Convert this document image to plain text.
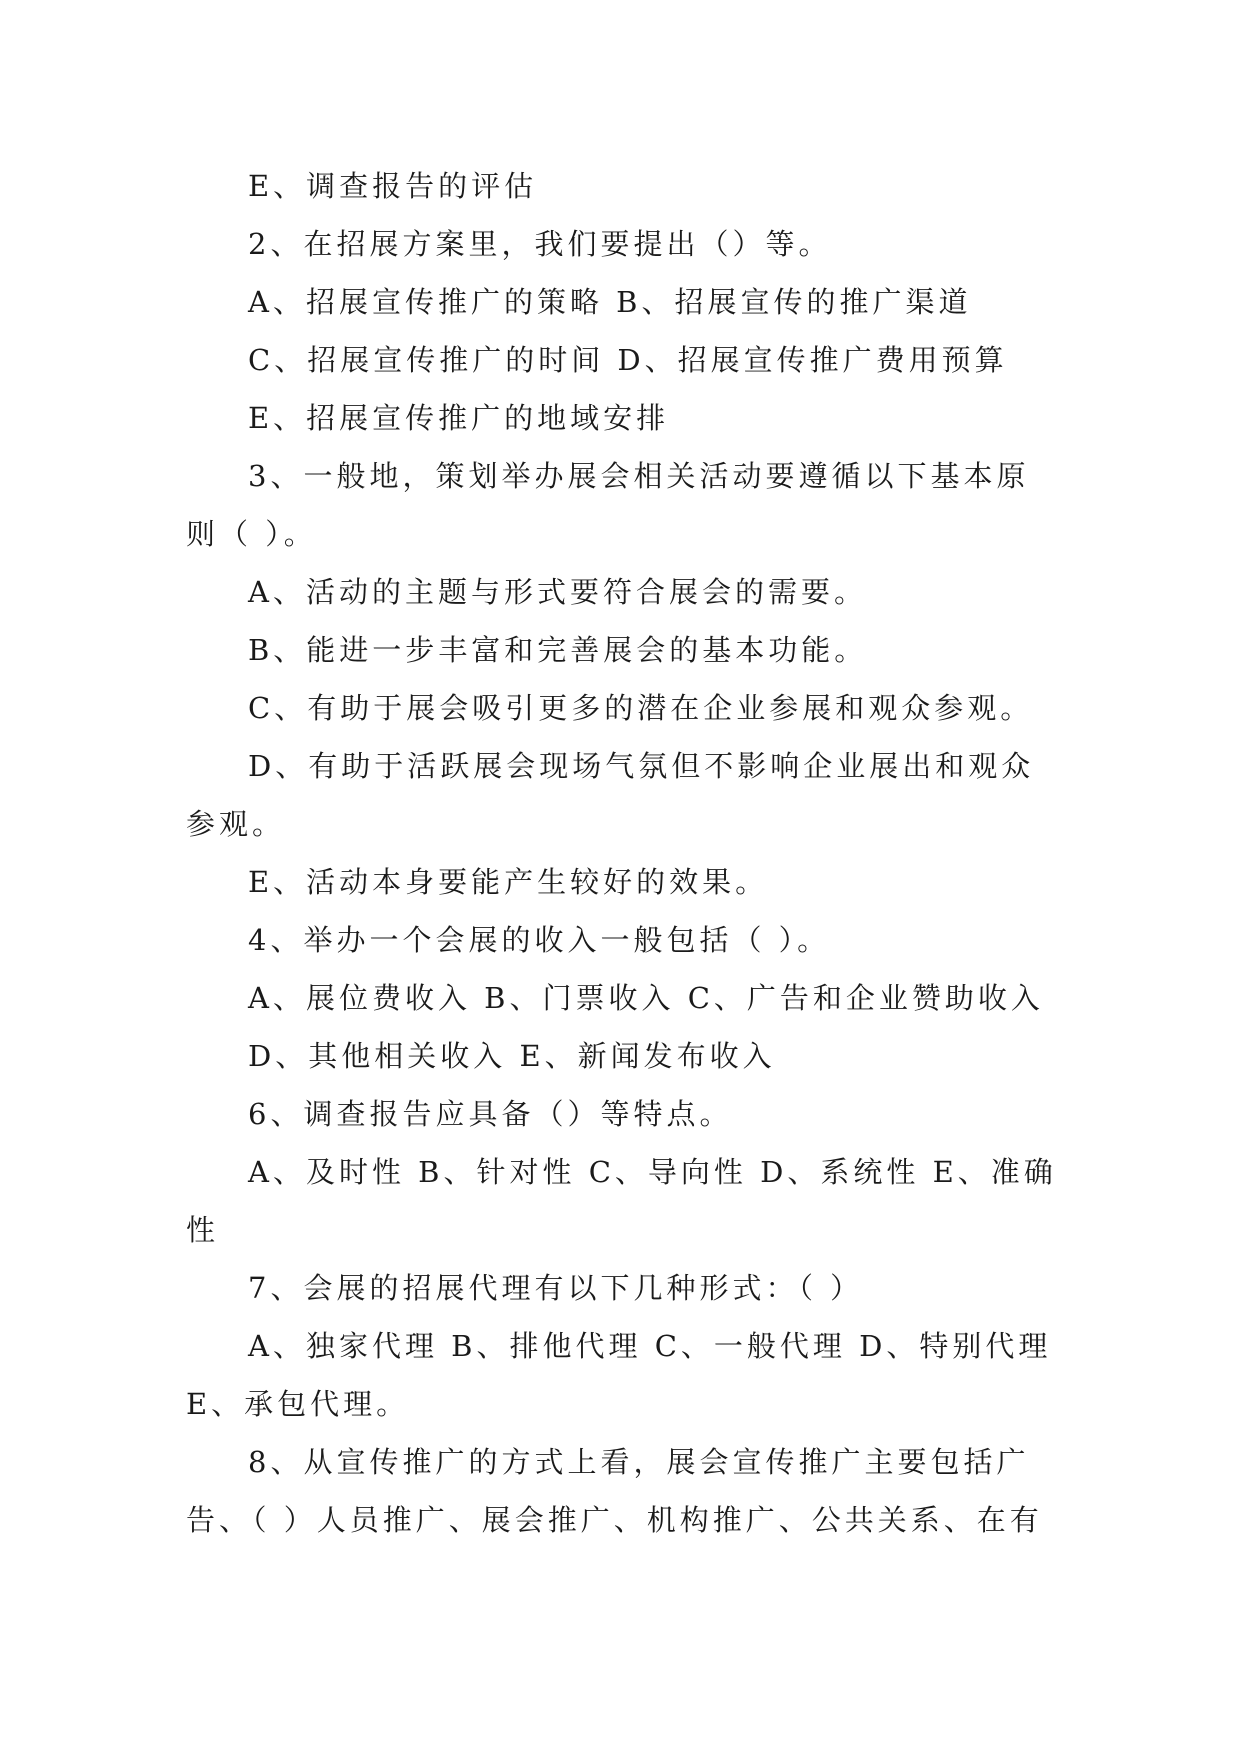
E、调查报告的评估
2、在招展方案里，我们要提出（）等。
A、招展宣传推广的策略 B、招展宣传的推广渠道
C、招展宣传推广的时间 D、招展宣传推广费用预算
E、招展宣传推广的地域安排
3、一般地，策划举办展会相关活动要遵循以下基本原
则（ ）。
A、活动的主题与形式要符合展会的需要。
B、能进一步丰富和完善展会的基本功能。
C、有助于展会吸引更多的潜在企业参展和观众参观。
D、有助于活跃展会现场气氛但不影响企业展出和观众
参观。
E、活动本身要能产生较好的效果。
4、举办一个会展的收入一般包括（ ）。
A、展位费收入 B、门票收入 C、广告和企业赞助收入
D、其他相关收入 E、新闻发布收入
6、调查报告应具备（）等特点。
A、及时性 B、针对性 C、导向性 D、系统性 E、准确
性
7、会展的招展代理有以下几种形式：（ ）
A、独家代理 B、排他代理 C、一般代理 D、特别代理
E、承包代理。
8、从宣传推广的方式上看，展会宣传推广主要包括广
告、（ ）人员推广、展会推广、机构推广、公共关系、在有
